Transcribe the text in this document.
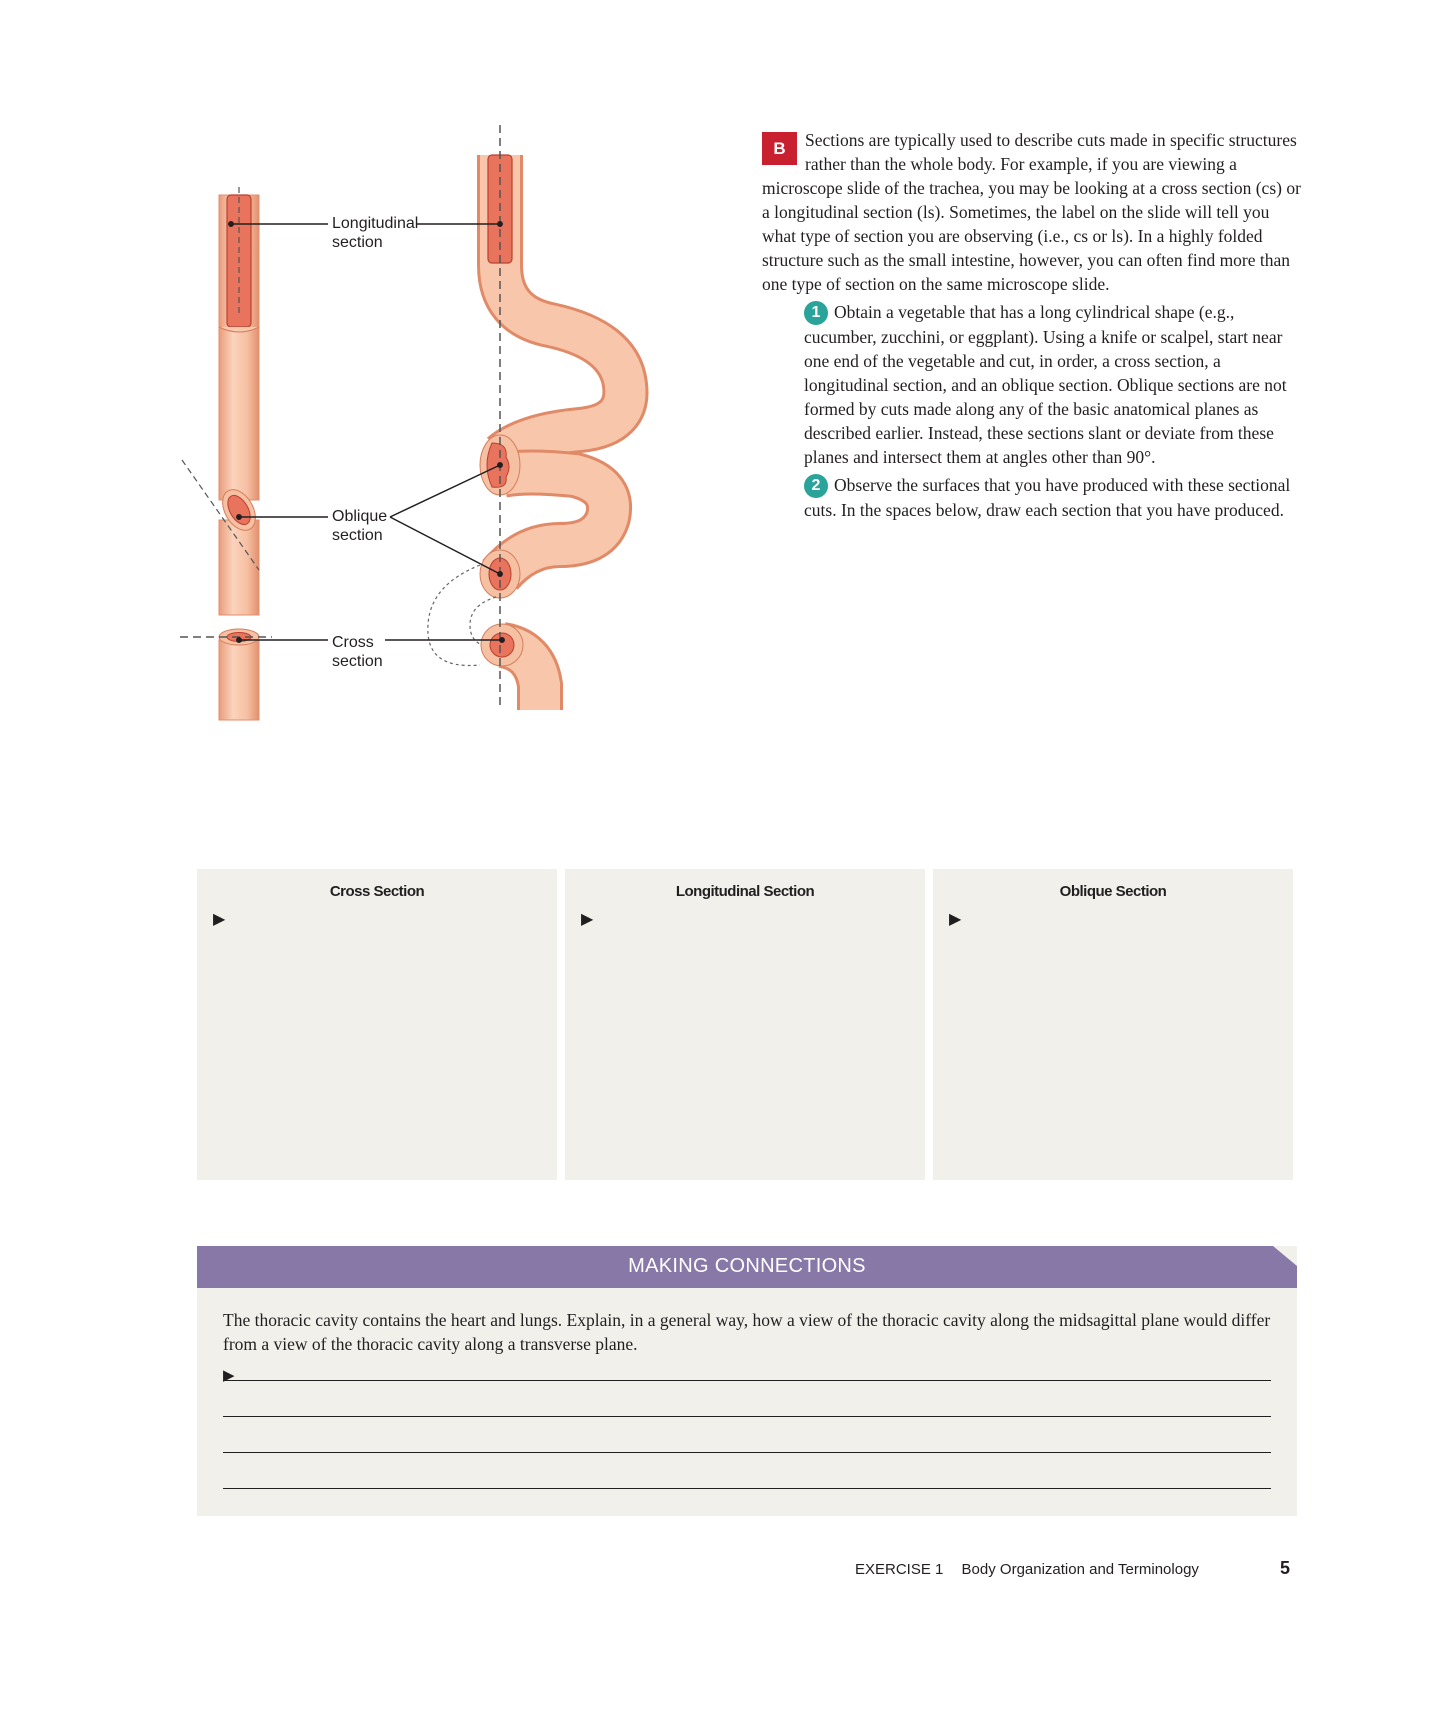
Longitudinal
section
Oblique
section
Cross
section

B	Sections are typically used to describe cuts made in specific structures rather than the whole body. For example, if you are viewing a microscope slide of the trachea, you may be looking at a cross section (cs) or a longitudinal section (ls). Sometimes, the label on the slide will tell you what type of section you are observing (i.e., cs or ls). In a highly folded structure such as the small intestine, however, you can often find more than one type of section on the same microscope slide.

1 Obtain a vegetable that has a long cylindrical shape (e.g., cucumber, zucchini, or eggplant). Using a knife or scalpel, start near one end of the vegetable and cut, in order, a cross section, a longitudinal section, and an oblique section. Oblique sections are not formed by cuts made along any of the basic anatomical planes as described earlier. Instead, these sections slant or deviate from these planes and intersect them at angles other than 90°.

2 Observe the surfaces that you have produced with these sectional cuts. In the spaces below, draw each section that you have produced.

Cross Section
▶
Longitudinal Section
▶
Oblique Section
▶
MAKING CONNECTIONS

The thoracic cavity contains the heart and lungs. Explain, in a general way, how a view of the thoracic cavity along the midsagittal plane would differ from a view of the thoracic cavity along a transverse plane.

▶
EXERCISE 1 Body Organization and Terminology	5
